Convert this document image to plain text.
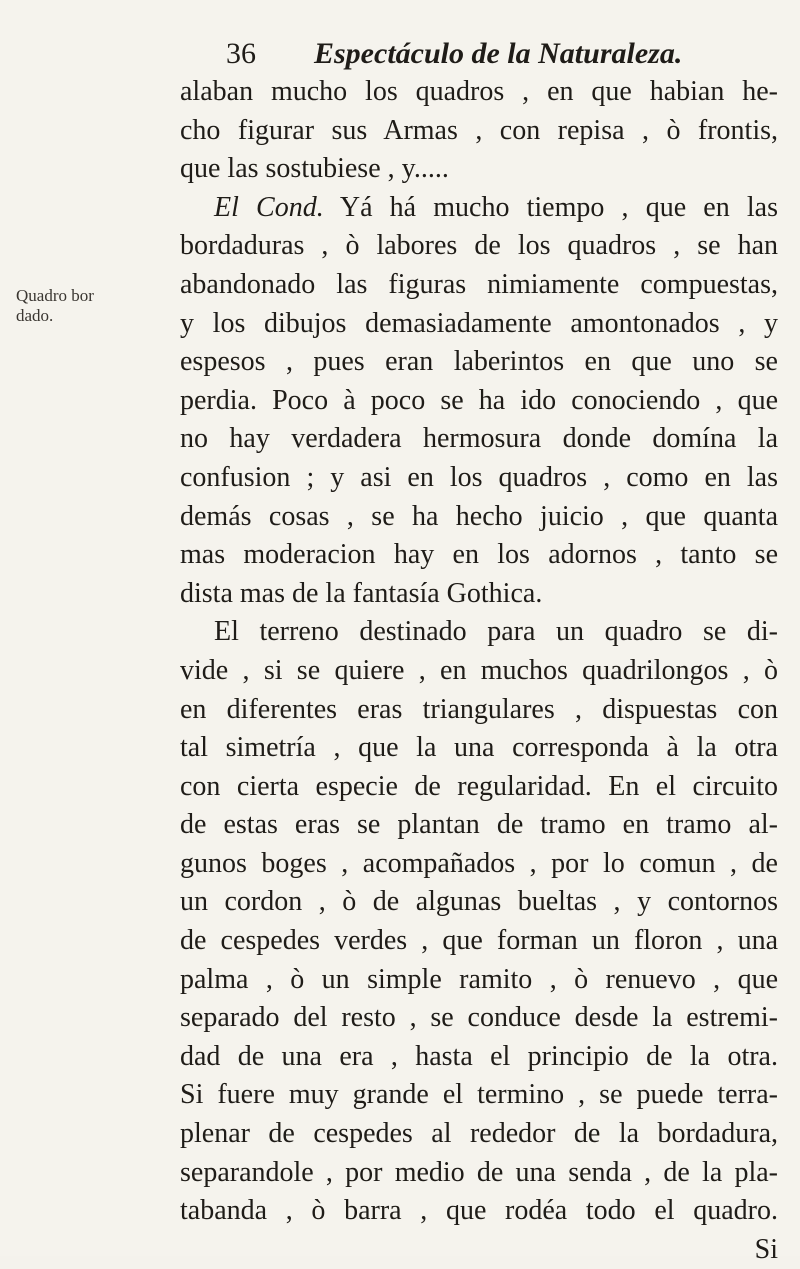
36 Espectáculo de la Naturaleza.
Quadro bor
dado.
alaban mucho los quadros , en que habian he-
cho figurar sus Armas , con repisa , ò frontis,
que las sostubiese , y.....
El Cond. Yá há mucho tiempo , que en las
bordaduras , ò labores de los quadros , se han
abandonado las figuras nimiamente compuestas,
y los dibujos demasiadamente amontonados , y
espesos , pues eran laberintos en que uno se
perdia. Poco à poco se ha ido conociendo , que
no hay verdadera hermosura donde domína la
confusion ; y asi en los quadros , como en las
demás cosas , se ha hecho juicio , que quanta
mas moderacion hay en los adornos , tanto se
dista mas de la fantasía Gothica.
El terreno destinado para un quadro se di-
vide , si se quiere , en muchos quadrilongos , ò
en diferentes eras triangulares , dispuestas con
tal simetría , que la una corresponda à la otra
con cierta especie de regularidad. En el circuito
de estas eras se plantan de tramo en tramo al-
gunos boges , acompañados , por lo comun , de
un cordon , ò de algunas bueltas , y contornos
de cespedes verdes , que forman un floron , una
palma , ò un simple ramito , ò renuevo , que
separado del resto , se conduce desde la estremi-
dad de una era , hasta el principio de la otra.
Si fuere muy grande el termino , se puede terra-
plenar de cespedes al rededor de la bordadura,
separandole , por medio de una senda , de la pla-
tabanda , ò barra , que rodéa todo el quadro.
Si
